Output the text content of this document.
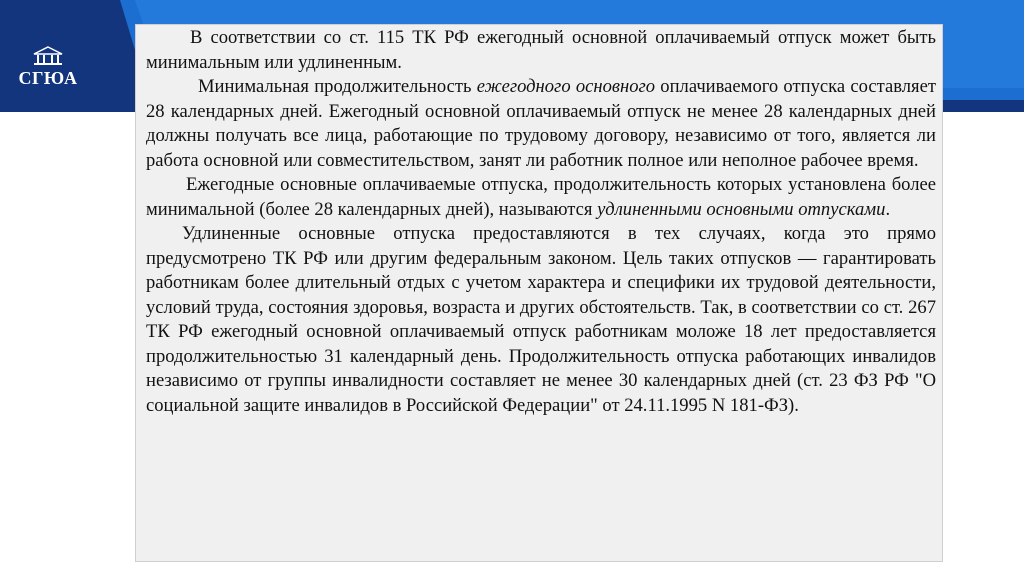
СГЮА

В соответствии со ст. 115 ТК РФ ежегодный основной оплачиваемый отпуск может быть минимальным или удлиненным.

Минимальная продолжительность ежегодного основного оплачиваемого отпуска составляет 28 календарных дней. Ежегодный основной оплачиваемый отпуск не менее 28 календарных дней должны получать все лица, работающие по трудовому договору, независимо от того, является ли работа основной или совместительством, занят ли работник полное или неполное рабочее время.

Ежегодные основные оплачиваемые отпуска, продолжительность которых установлена более минимальной (более 28 календарных дней), называются удлиненными основными отпусками.

Удлиненные основные отпуска предоставляются в тех случаях, когда это прямо предусмотрено ТК РФ или другим федеральным законом. Цель таких отпусков — гарантировать работникам более длительный отдых с учетом характера и специфики их трудовой деятельности, условий труда, состояния здоровья, возраста и других обстоятельств. Так, в соответствии со ст. 267 ТК РФ ежегодный основной оплачиваемый отпуск работникам моложе 18 лет предоставляется продолжительностью 31 календарный день. Продолжительность отпуска работающих инвалидов независимо от группы инвалидности составляет не менее 30 календарных дней (ст. 23 ФЗ РФ "О социальной защите инвалидов в Российской Федерации" от 24.11.1995 N 181-ФЗ).
